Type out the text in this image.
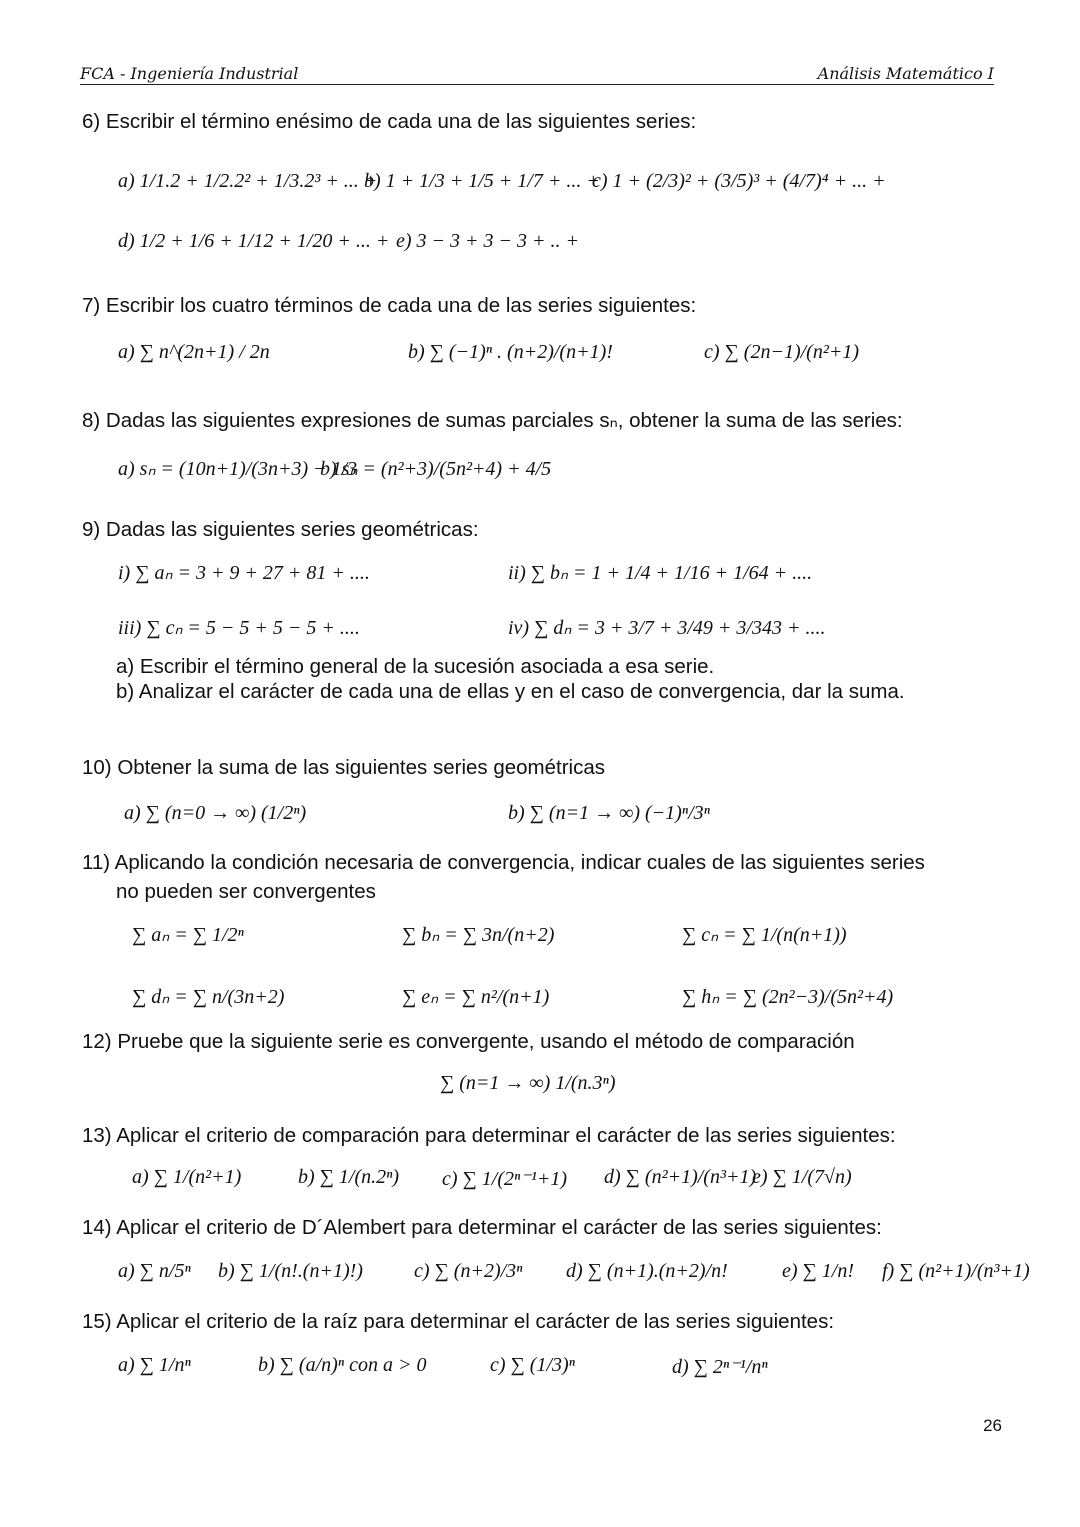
FCA - Ingeniería Industrial	Análisis Matemático I
6) Escribir el término enésimo de cada una de las siguientes series:
a) 1/1.2 + 1/2.2² + 1/3.2³ + ... +
b) 1 + 1/3 + 1/5 + 1/7 + ... +
c) 1 + (2/3)² + (3/5)³ + (4/7)⁴ + ... +
d) 1/2 + 1/6 + 1/12 + 1/20 + ... + e) 3 − 3 + 3 − 3 + .. +
7) Escribir los cuatro términos de cada una de las series siguientes:
a) ∑ n^(2n+1) / 2n	b) ∑ (−1)ⁿ . (n+2)/(n+1)!	c) ∑ (2n−1)/(n²+1)
8) Dadas las siguientes expresiones de sumas parciales sₙ, obtener la suma de las series:
a) sₙ = (10n+1)/(3n+3) − 1/3
b) sₙ = (n²+3)/(5n²+4) + 4/5
9) Dadas las siguientes series geométricas:
i) ∑ aₙ = 3 + 9 + 27 + 81 + ....	ii) ∑ bₙ = 1 + 1/4 + 1/16 + 1/64 + ....
iii) ∑ cₙ = 5 − 5 + 5 − 5 + ....	iv) ∑ dₙ = 3 + 3/7 + 3/49 + 3/343 + ....
a) Escribir el término general de la sucesión asociada a esa serie.
b) Analizar el carácter de cada una de ellas y en el caso de convergencia, dar la suma.
10) Obtener la suma de las siguientes series geométricas
a) ∑ (n=0 → ∞) (1/2ⁿ)	b) ∑ (n=1 → ∞) (−1)ⁿ/3ⁿ
11) Aplicando la condición necesaria de convergencia, indicar cuales de las siguientes series
no pueden ser convergentes
∑ aₙ = ∑ 1/2ⁿ	∑ bₙ = ∑ 3n/(n+2)	∑ cₙ = ∑ 1/(n(n+1))
∑ dₙ = ∑ n/(3n+2)	∑ eₙ = ∑ n²/(n+1)	∑ hₙ = ∑ (2n²−3)/(5n²+4)
12) Pruebe que la siguiente serie es convergente, usando el método de comparación
∑ (n=1 → ∞) 1/(n.3ⁿ)
13) Aplicar el criterio de comparación para determinar el carácter de las series siguientes:
a) ∑ 1/(n²+1)	b) ∑ 1/(n.2ⁿ) c) ∑ 1/(2ⁿ⁻¹+1) d) ∑ (n²+1)/(n³+1)
e) ∑ 1/(7√n)
14) Aplicar el criterio de D´Alembert para determinar el carácter de las series siguientes:
a) ∑ n/5ⁿ b) ∑ 1/(n!.(n+1)!)	c) ∑ (n+2)/3ⁿ d) ∑ (n+1).(n+2)/n!	e) ∑ 1/n! f) ∑ (n²+1)/(n³+1)
15) Aplicar el criterio de la raíz para determinar el carácter de las series siguientes:
a) ∑ 1/nⁿ	b) ∑ (a/n)ⁿ con a > 0	c) ∑ (1/3)ⁿ	d) ∑ 2ⁿ⁻¹/nⁿ
26
